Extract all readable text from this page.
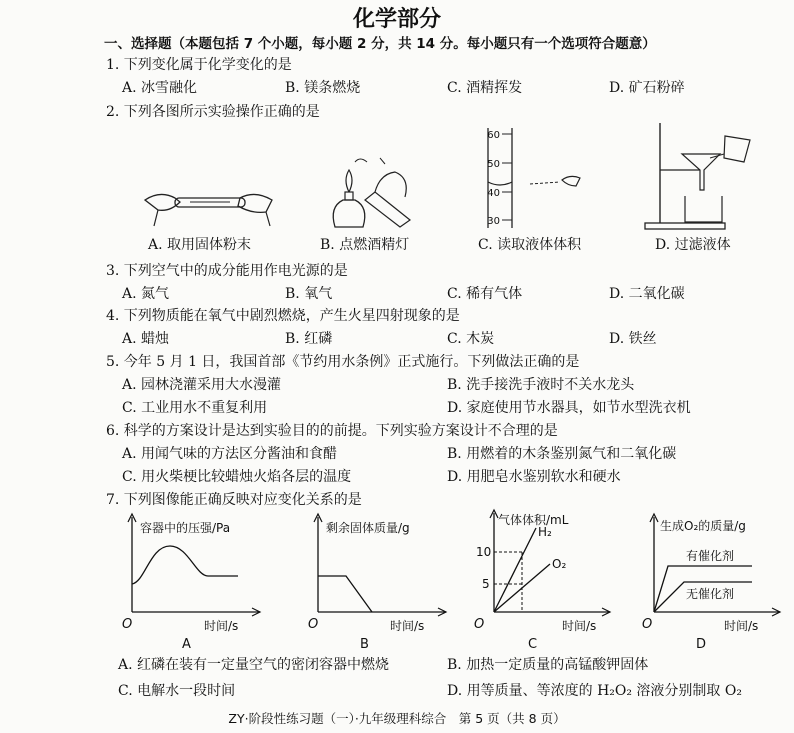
化学部分
一、选择题（本题包括 7 个小题，每小题 2 分，共 14 分。每小题只有一个选项符合题意）
1. 下列变化属于化学变化的是
A. 冰雪融化	B. 镁条燃烧	C. 酒精挥发	D. 矿石粉碎
2. 下列各图所示实验操作正确的是
A. 取用固体粉末	B. 点燃酒精灯
60
50
40
30
C. 读取液体体积	D. 过滤液体
3. 下列空气中的成分能用作电光源的是
A. 氮气	B. 氧气	C. 稀有气体	D. 二氧化碳
4. 下列物质能在氧气中剧烈燃烧，产生火星四射现象的是
A. 蜡烛	B. 红磷	C. 木炭	D. 铁丝
5. 今年 5 月 1 日，我国首部《节约用水条例》正式施行。下列做法正确的是
A. 园林浇灌采用大水漫灌	B. 洗手接洗手液时不关水龙头
C. 工业用水不重复利用	D. 家庭使用节水器具，如节水型洗衣机
6. 科学的方案设计是达到实验目的的前提。下列实验方案设计不合理的是
A. 用闻气味的方法区分酱油和食醋	B. 用燃着的木条鉴别氮气和二氧化碳
C. 用火柴梗比较蜡烛火焰各层的温度	D. 用肥皂水鉴别软水和硬水
7. 下列图像能正确反映对应变化关系的是
容器中的压强/Pa
时间/s
O
A
剩余固体质量/g
时间/s
O
B
气体体积/mL
10
5
H₂
O₂
时间/s
O
C
生成O₂的质量/g
有催化剂
无催化剂
时间/s
O
D
A. 红磷在装有一定量空气的密闭容器中燃烧	B. 加热一定质量的高锰酸钾固体
C. 电解水一段时间	D. 用等质量、等浓度的 H₂O₂ 溶液分别制取 O₂
ZY·阶段性练习题（一）·九年级理科综合　第 5 页（共 8 页）
